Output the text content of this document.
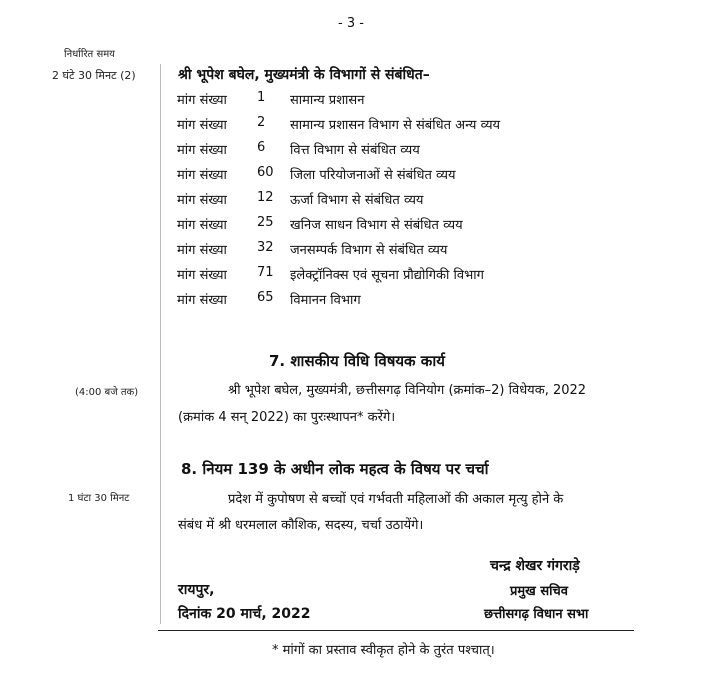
- 3 -
निर्धारित समय
2 घंटे 30 मिनट (2)
(4:00 बजे तक)
1 घंटा 30 मिनट
श्री भूपेश बघेल, मुख्यमंत्री के विभागों से संबंधित–
मांग संख्या 1 सामान्य प्रशासन
मांग संख्या 2 सामान्य प्रशासन विभाग से संबंधित अन्य व्यय
मांग संख्या 6 वित्त विभाग से संबंधित व्यय
मांग संख्या 60 जिला परियोजनाओं से संबंधित व्यय
मांग संख्या 12 ऊर्जा विभाग से संबंधित व्यय
मांग संख्या 25 खनिज साधन विभाग से संबंधित व्यय
मांग संख्या 32 जनसम्पर्क विभाग से संबंधित व्यय
मांग संख्या 71 इलेक्ट्रॉनिक्स एवं सूचना प्रौद्योगिकी विभाग
मांग संख्या 65 विमानन विभाग
7. शासकीय विधि विषयक कार्य
श्री भूपेश बघेल, मुख्यमंत्री, छत्तीसगढ़ विनियोग (क्रमांक–2) विधेयक, 2022
(क्रमांक 4 सन् 2022) का पुरःस्थापन* करेंगे।
8. नियम 139 के अधीन लोक महत्व के विषय पर चर्चा
प्रदेश में कुपोषण से बच्चों एवं गर्भवती महिलाओं की अकाल मृत्यु होने के
संबंध में श्री धरमलाल कौशिक, सदस्य, चर्चा उठायेंगे।
चन्द्र शेखर गंगराड़े
रायपुर,	प्रमुख सचिव
दिनांक 20 मार्च, 2022	छत्तीसगढ़ विधान सभा
* मांगों का प्रस्ताव स्वीकृत होने के तुरंत पश्चात्।
